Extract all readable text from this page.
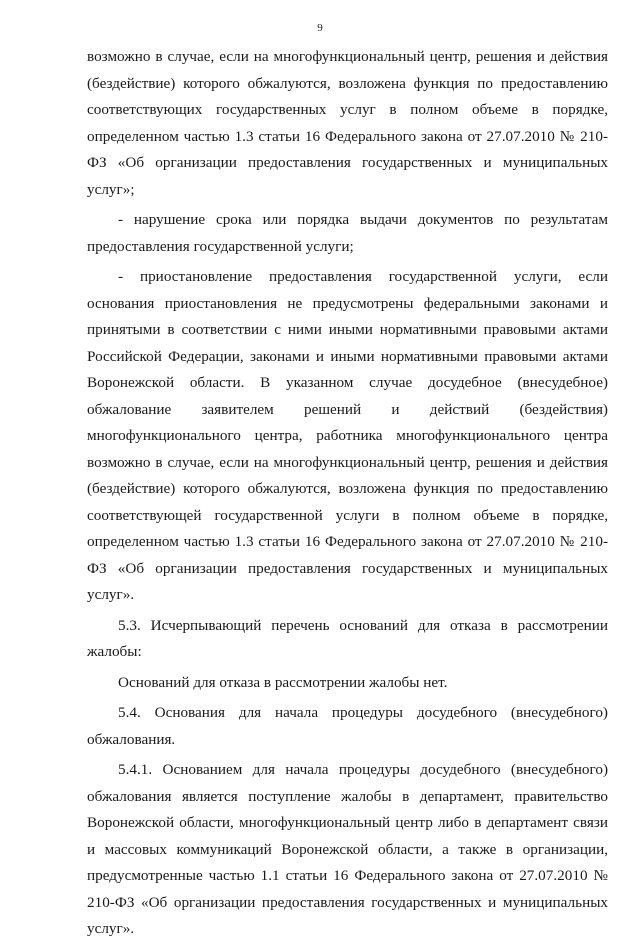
9

возможно в случае, если на многофункциональный центр, решения и действия (бездействие) которого обжалуются, возложена функция по предоставлению соответствующих государственных услуг в полном объеме в порядке, определенном частью 1.3 статьи 16 Федерального закона от 27.07.2010 № 210-ФЗ «Об организации предоставления государственных и муниципальных услуг»;

- нарушение срока или порядка выдачи документов по результатам предоставления государственной услуги;

- приостановление предоставления государственной услуги, если основания приостановления не предусмотрены федеральными законами и принятыми в соответствии с ними иными нормативными правовыми актами Российской Федерации, законами и иными нормативными правовыми актами Воронежской области. В указанном случае досудебное (внесудебное) обжалование заявителем решений и действий (бездействия) многофункционального центра, работника многофункционального центра возможно в случае, если на многофункциональный центр, решения и действия (бездействие) которого обжалуются, возложена функция по предоставлению соответствующей государственной услуги в полном объеме в порядке, определенном частью 1.3 статьи 16 Федерального закона от 27.07.2010 № 210-ФЗ «Об организации предоставления государственных и муниципальных услуг».

5.3. Исчерпывающий перечень оснований для отказа в рассмотрении жалобы:

Оснований для отказа в рассмотрении жалобы нет.

5.4. Основания для начала процедуры досудебного (внесудебного) обжалования.

5.4.1. Основанием для начала процедуры досудебного (внесудебного) обжалования является поступление жалобы в департамент, правительство Воронежской области, многофункциональный центр либо в департамент связи и массовых коммуникаций Воронежской области, а также в организации, предусмотренные частью 1.1 статьи 16 Федерального закона от 27.07.2010 № 210-ФЗ «Об организации предоставления государственных и муниципальных услуг».
